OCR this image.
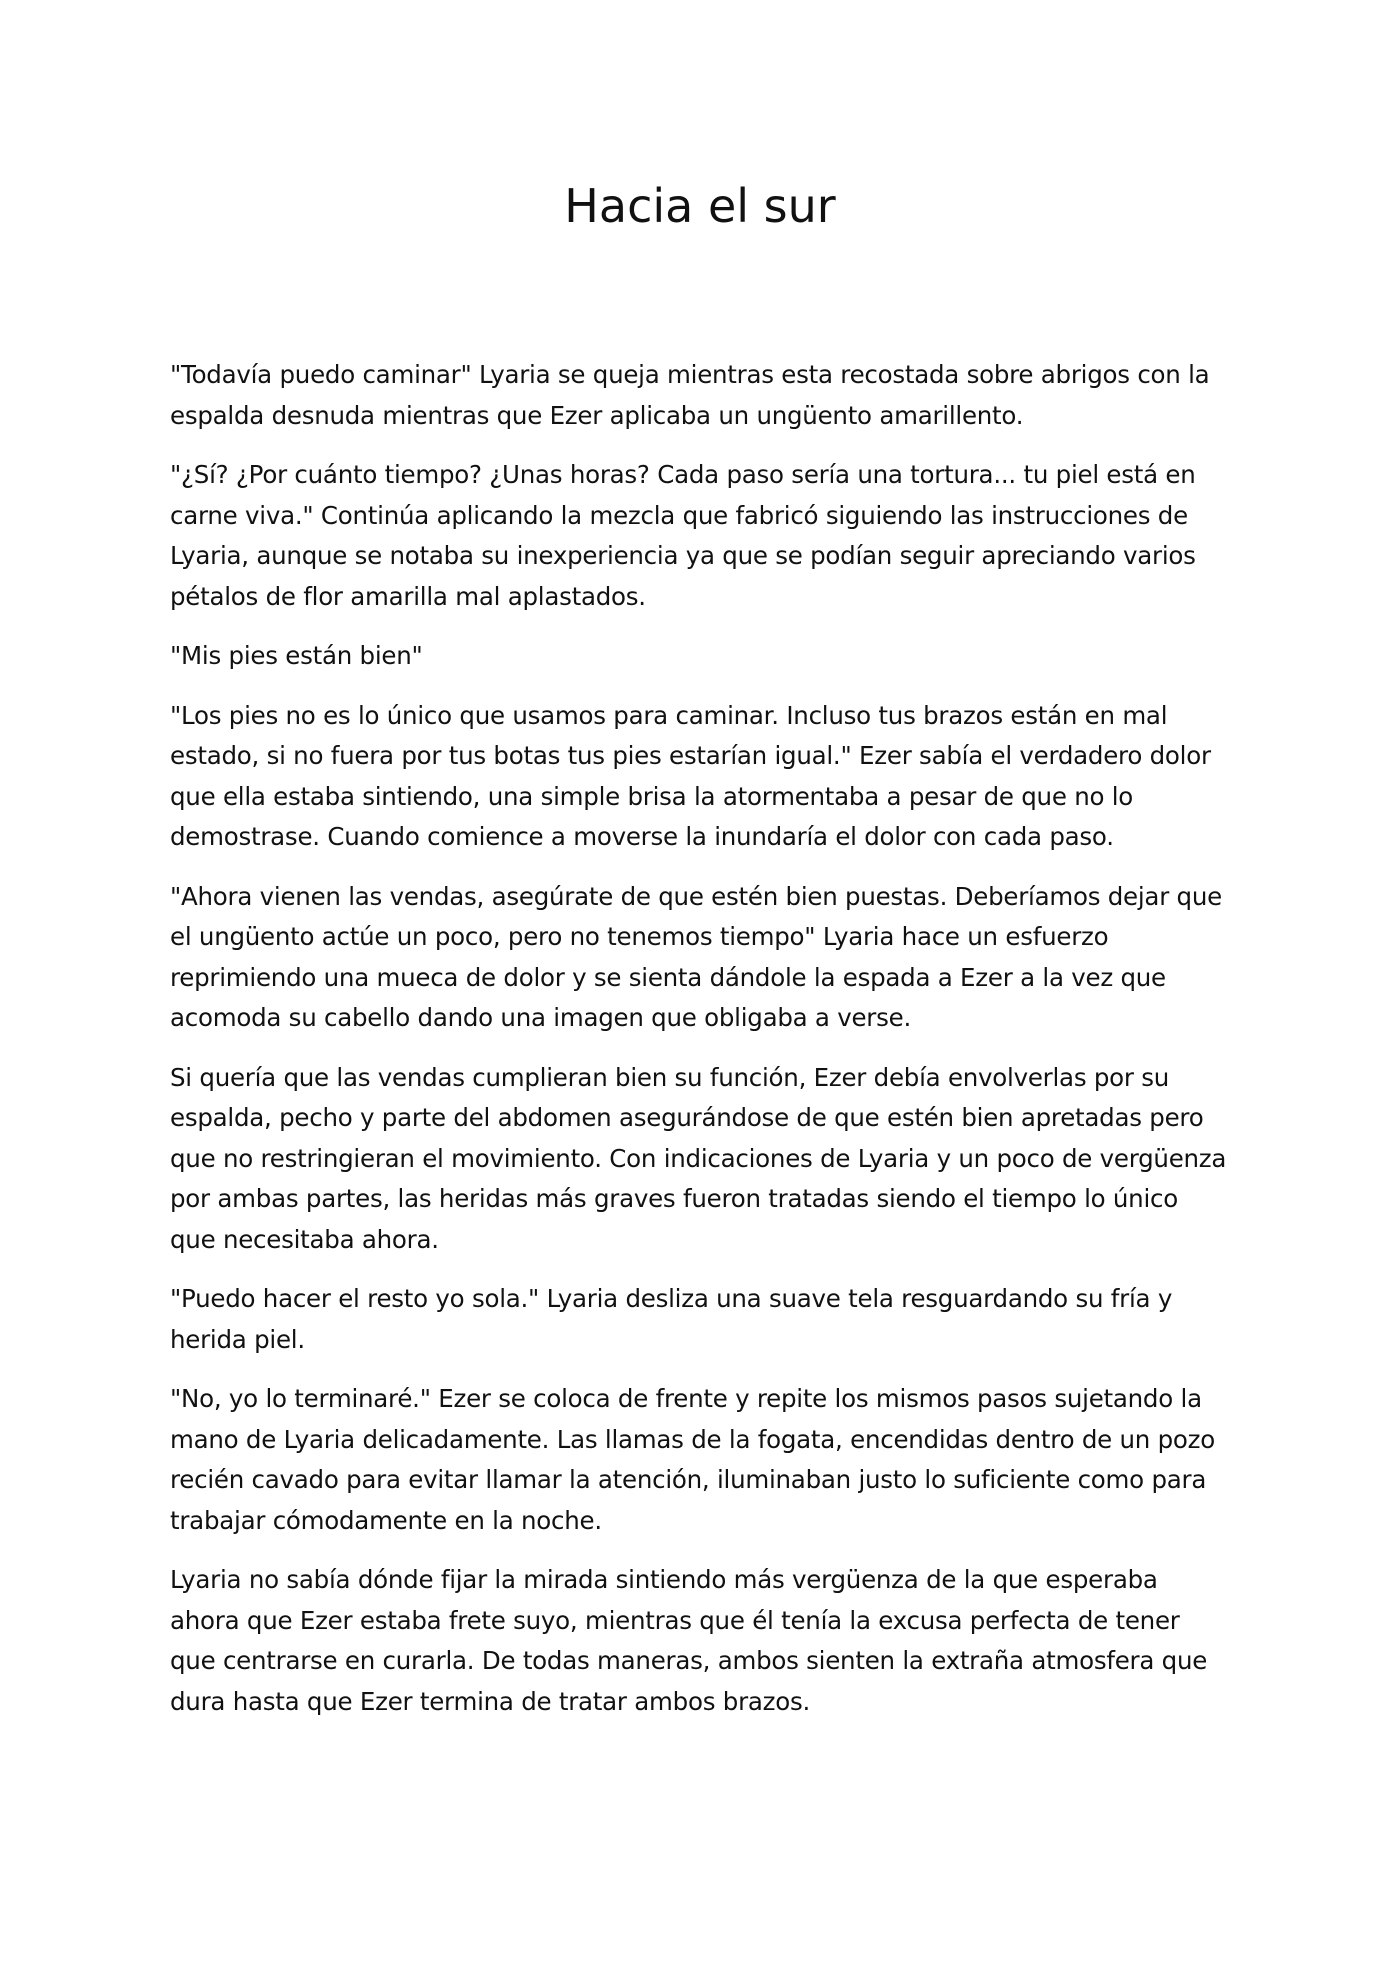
Hacia el sur

"Todavía puedo caminar" Lyaria se queja mientras esta recostada sobre abrigos con la espalda desnuda mientras que Ezer aplicaba un ungüento amarillento.

"¿Sí? ¿Por cuánto tiempo? ¿Unas horas? Cada paso sería una tortura... tu piel está en carne viva." Continúa aplicando la mezcla que fabricó siguiendo las instrucciones de Lyaria, aunque se notaba su inexperiencia ya que se podían seguir apreciando varios pétalos de flor amarilla mal aplastados.

"Mis pies están bien"

"Los pies no es lo único que usamos para caminar. Incluso tus brazos están en mal estado, si no fuera por tus botas tus pies estarían igual." Ezer sabía el verdadero dolor que ella estaba sintiendo, una simple brisa la atormentaba a pesar de que no lo demostrase. Cuando comience a moverse la inundaría el dolor con cada paso.

"Ahora vienen las vendas, asegúrate de que estén bien puestas. Deberíamos dejar que el ungüento actúe un poco, pero no tenemos tiempo" Lyaria hace un esfuerzo reprimiendo una mueca de dolor y se sienta dándole la espada a Ezer a la vez que acomoda su cabello dando una imagen que obligaba a verse.

Si quería que las vendas cumplieran bien su función, Ezer debía envolverlas por su espalda, pecho y parte del abdomen asegurándose de que estén bien apretadas pero que no restringieran el movimiento. Con indicaciones de Lyaria y un poco de vergüenza por ambas partes, las heridas más graves fueron tratadas siendo el tiempo lo único que necesitaba ahora.

"Puedo hacer el resto yo sola." Lyaria desliza una suave tela resguardando su fría y herida piel.

"No, yo lo terminaré." Ezer se coloca de frente y repite los mismos pasos sujetando la mano de Lyaria delicadamente. Las llamas de la fogata, encendidas dentro de un pozo recién cavado para evitar llamar la atención, iluminaban justo lo suficiente como para trabajar cómodamente en la noche.

Lyaria no sabía dónde fijar la mirada sintiendo más vergüenza de la que esperaba ahora que Ezer estaba frete suyo, mientras que él tenía la excusa perfecta de tener que centrarse en curarla. De todas maneras, ambos sienten la extraña atmosfera que dura hasta que Ezer termina de tratar ambos brazos.
